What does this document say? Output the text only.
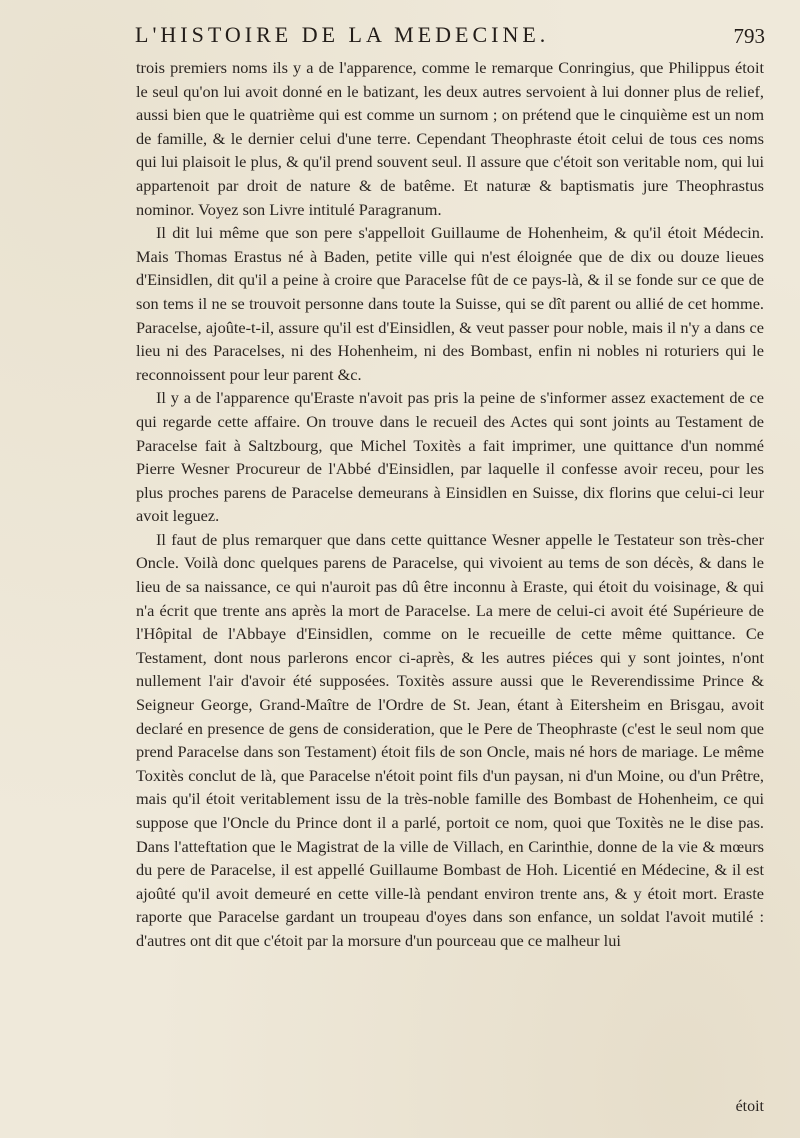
L'HISTOIRE DE LA MEDECINE.	793

trois premiers noms ils y a de l'apparence, comme le remarque Conringius, que Philippus étoit le seul qu'on lui avoit donné en le batizant, les deux autres servoient à lui donner plus de relief, aussi bien que le quatrième qui est comme un surnom ; on prétend que le cinquième est un nom de famille, & le dernier celui d'une terre. Cependant Theophraste étoit celui de tous ces noms qui lui plaisoit le plus, & qu'il prend souvent seul. Il assure que c'étoit son veritable nom, qui lui appartenoit par droit de nature & de batême. Et naturæ & baptismatis jure Theophrastus nominor. Voyez son Livre intitulé Paragranum.

Il dit lui même que son pere s'appelloit Guillaume de Hohenheim, & qu'il étoit Médecin. Mais Thomas Erastus né à Baden, petite ville qui n'est éloignée que de dix ou douze lieues d'Einsidlen, dit qu'il a peine à croire que Paracelse fût de ce pays-là, & il se fonde sur ce que de son tems il ne se trouvoit personne dans toute la Suisse, qui se dît parent ou allié de cet homme. Paracelse, ajoûte-t-il, assure qu'il est d'Einsidlen, & veut passer pour noble, mais il n'y a dans ce lieu ni des Paracelses, ni des Hohenheim, ni des Bombast, enfin ni nobles ni roturiers qui le reconnoissent pour leur parent &c.

Il y a de l'apparence qu'Eraste n'avoit pas pris la peine de s'informer assez exactement de ce qui regarde cette affaire. On trouve dans le recueil des Actes qui sont joints au Testament de Paracelse fait à Saltzbourg, que Michel Toxitès a fait imprimer, une quittance d'un nommé Pierre Wesner Procureur de l'Abbé d'Einsidlen, par laquelle il confesse avoir receu, pour les plus proches parens de Paracelse demeurans à Einsidlen en Suisse, dix florins que celui-ci leur avoit leguez.

Il faut de plus remarquer que dans cette quittance Wesner appelle le Testateur son très-cher Oncle. Voilà donc quelques parens de Paracelse, qui vivoient au tems de son décès, & dans le lieu de sa naissance, ce qui n'auroit pas dû être inconnu à Eraste, qui étoit du voisinage, & qui n'a écrit que trente ans après la mort de Paracelse. La mere de celui-ci avoit été Supérieure de l'Hôpital de l'Abbaye d'Einsidlen, comme on le recueille de cette même quittance. Ce Testament, dont nous parlerons encor ci-après, & les autres piéces qui y sont jointes, n'ont nullement l'air d'avoir été supposées. Toxitès assure aussi que le Reverendissime Prince & Seigneur George, Grand-Maître de l'Ordre de St. Jean, étant à Eitersheim en Brisgau, avoit declaré en presence de gens de consideration, que le Pere de Theophraste (c'est le seul nom que prend Paracelse dans son Testament) étoit fils de son Oncle, mais né hors de mariage. Le même Toxitès conclut de là, que Paracelse n'étoit point fils d'un paysan, ni d'un Moine, ou d'un Prêtre, mais qu'il étoit veritablement issu de la très-noble famille des Bombast de Hohenheim, ce qui suppose que l'Oncle du Prince dont il a parlé, portoit ce nom, quoi que Toxitès ne le dise pas. Dans l'atteftation que le Magistrat de la ville de Villach, en Carinthie, donne de la vie & mœurs du pere de Paracelse, il est appellé Guillaume Bombast de Hoh. Licentié en Médecine, & il est ajoûté qu'il avoit demeuré en cette ville-là pendant environ trente ans, & y étoit mort. Eraste raporte que Paracelse gardant un troupeau d'oyes dans son enfance, un soldat l'avoit mutilé : d'autres ont dit que c'étoit par la morsure d'un pourceau que ce malheur lui

étoit
